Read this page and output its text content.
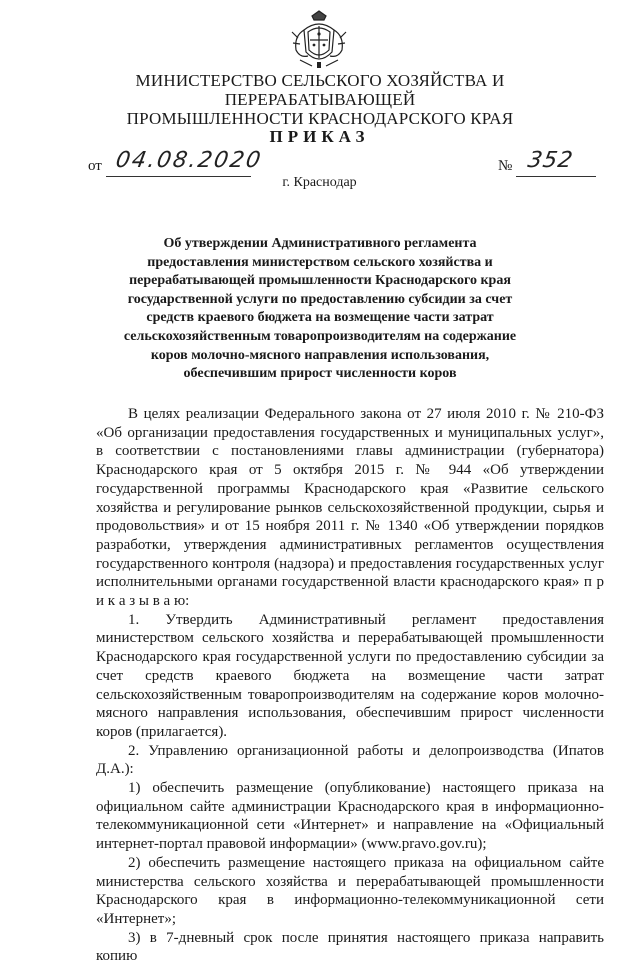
МИНИСТЕРСТВО СЕЛЬСКОГО ХОЗЯЙСТВА И ПЕРЕРАБАТЫВАЮЩЕЙ
ПРОМЫШЛЕННОСТИ КРАСНОДАРСКОГО КРАЯ
ПРИКАЗ
от 04.08.2020	№ 352
г. Краснодар
Об утверждении Административного регламента
предоставления министерством сельского хозяйства и
перерабатывающей промышленности Краснодарского края
государственной услуги по предоставлению субсидии за счет
средств краевого бюджета на возмещение части затрат
сельскохозяйственным товаропроизводителям на содержание
коров молочно-мясного направления использования,
обеспечившим прирост численности коров

В целях реализации Федерального закона от 27 июля 2010 г. № 210-ФЗ «Об организации предоставления государственных и муниципальных услуг», в соответствии с постановлениями главы администрации (губернатора) Краснодарского края от 5 октября 2015 г. № 944 «Об утверждении государственной программы Краснодарского края «Развитие сельского хозяйства и регулирование рынков сельскохозяйственной продукции, сырья и продовольствия» и от 15 ноября 2011 г. № 1340 «Об утверждении порядков разработки, утверждения административных регламентов осуществления государственного контроля (надзора) и предоставления государственных услуг исполнительными органами государственной власти краснодарского края» п р и к а з ы в а ю:

1. Утвердить Административный регламент предоставления министерством сельского хозяйства и перерабатывающей промышленности Краснодарского края государственной услуги по предоставлению субсидии за счет средств краевого бюджета на возмещение части затрат сельскохозяйственным товаропроизводителям на содержание коров молочно-мясного направления использования, обеспечившим прирост численности коров (прилагается).

2. Управлению организационной работы и делопроизводства (Ипатов Д.А.):

1) обеспечить размещение (опубликование) настоящего приказа на официальном сайте администрации Краснодарского края в информационно-телекоммуникационной сети «Интернет» и направление на «Официальный интернет-портал правовой информации» (www.pravo.gov.ru);

2) обеспечить размещение настоящего приказа на официальном сайте министерства сельского хозяйства и перерабатывающей промышленности Краснодарского края в информационно-телекоммуникационной сети «Интернет»;

3) в 7-дневный срок после принятия настоящего приказа направить копию
